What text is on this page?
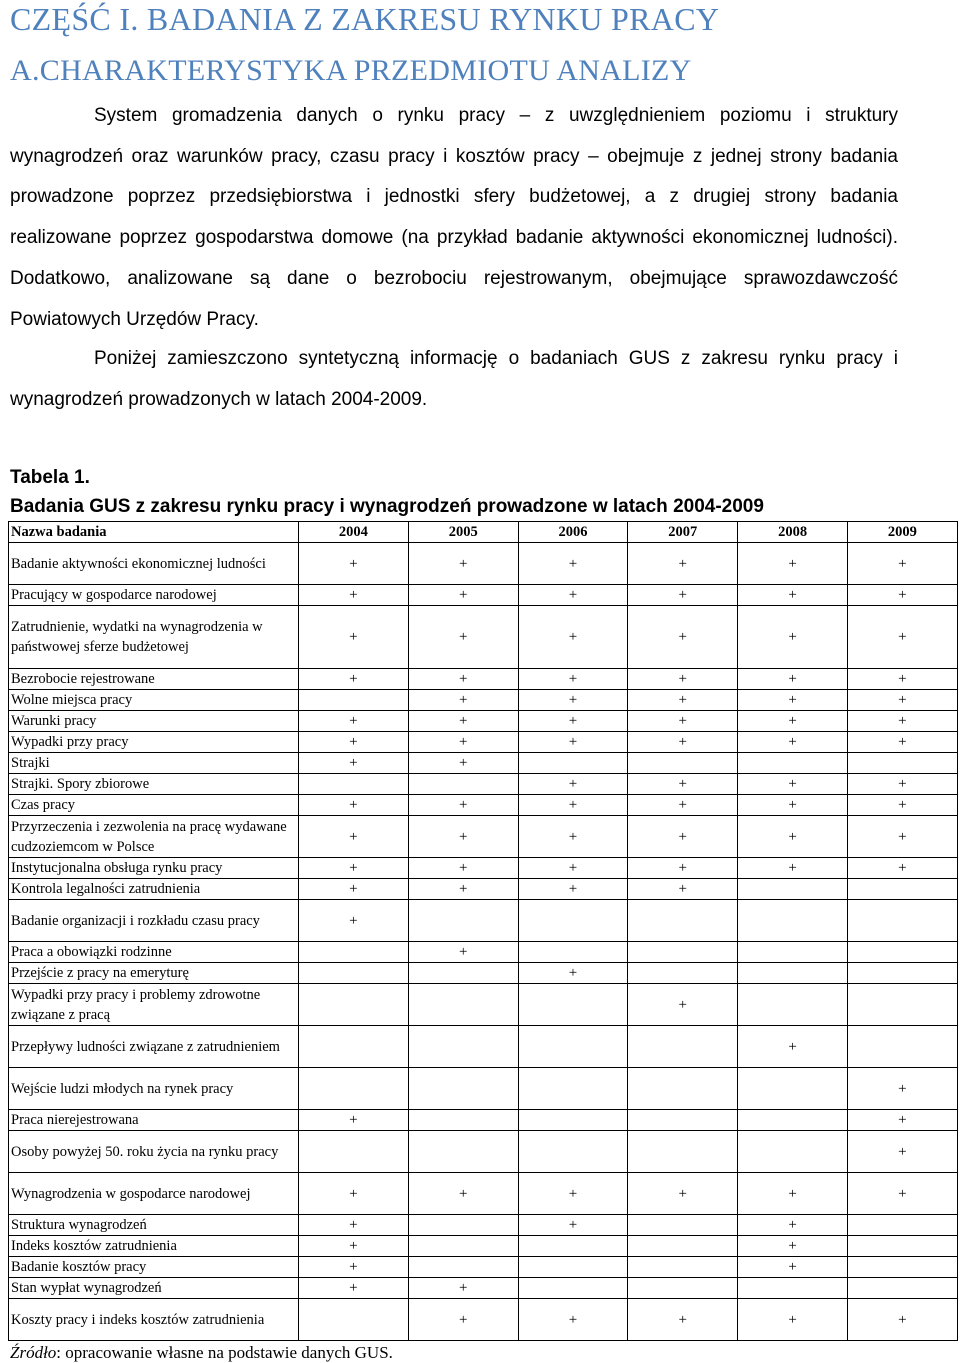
CZĘŚĆ I. BADANIA Z ZAKRESU RYNKU PRACY
A.CHARAKTERYSTYKA PRZEDMIOTU ANALIZY
System gromadzenia danych o rynku pracy – z uwzględnieniem poziomu i struktury wynagrodzeń oraz warunków pracy, czasu pracy i kosztów pracy – obejmuje z jednej strony badania prowadzone poprzez przedsiębiorstwa i jednostki sfery budżetowej, a z drugiej strony badania realizowane poprzez gospodarstwa domowe (na przykład badanie aktywności ekonomicznej ludności). Dodatkowo, analizowane są dane o bezrobociu rejestrowanym, obejmujące sprawozdawczość Powiatowych Urzędów Pracy.
Poniżej zamieszczono syntetyczną informację o badaniach GUS z zakresu rynku pracy i wynagrodzeń prowadzonych w latach 2004-2009.
Tabela 1.
Badania GUS z zakresu rynku pracy i wynagrodzeń prowadzone w latach 2004-2009
Nazwa badania	2004	2005	2006	2007	2008	2009
Badanie aktywności ekonomicznej ludności	+	+	+	+	+	+
Pracujący w gospodarce narodowej	+	+	+	+	+	+
Zatrudnienie, wydatki na wynagrodzenia w państwowej sferze budżetowej	+	+	+	+	+	+
Bezrobocie rejestrowane	+	+	+	+	+	+
Wolne miejsca pracy		+	+	+	+	+
Warunki pracy	+	+	+	+	+	+
Wypadki przy pracy	+	+	+	+	+	+
Strajki	+	+				
Strajki. Spory zbiorowe			+	+	+	+
Czas pracy	+	+	+	+	+	+
Przyrzeczenia i zezwolenia na pracę wydawane cudzoziemcom w Polsce	+	+	+	+	+	+
Instytucjonalna obsługa rynku pracy	+	+	+	+	+	+
Kontrola legalności zatrudnienia	+	+	+	+		
Badanie organizacji i rozkładu czasu pracy	+					
Praca a obowiązki rodzinne		+				
Przejście z pracy na emeryturę			+			
Wypadki przy pracy i problemy zdrowotne związane z pracą				+		
Przepływy ludności związane z zatrudnieniem					+	
Wejście ludzi młodych na rynek pracy						+
Praca nierejestrowana	+					+
Osoby powyżej 50. roku życia na rynku pracy						+
Wynagrodzenia w gospodarce narodowej	+	+	+	+	+	+
Struktura wynagrodzeń	+		+		+	
Indeks kosztów zatrudnienia	+				+	
Badanie kosztów pracy	+				+	
Stan wypłat wynagrodzeń	+	+				
Koszty pracy i indeks kosztów zatrudnienia		+	+	+	+	+
Źródło: opracowanie własne na podstawie danych GUS.
